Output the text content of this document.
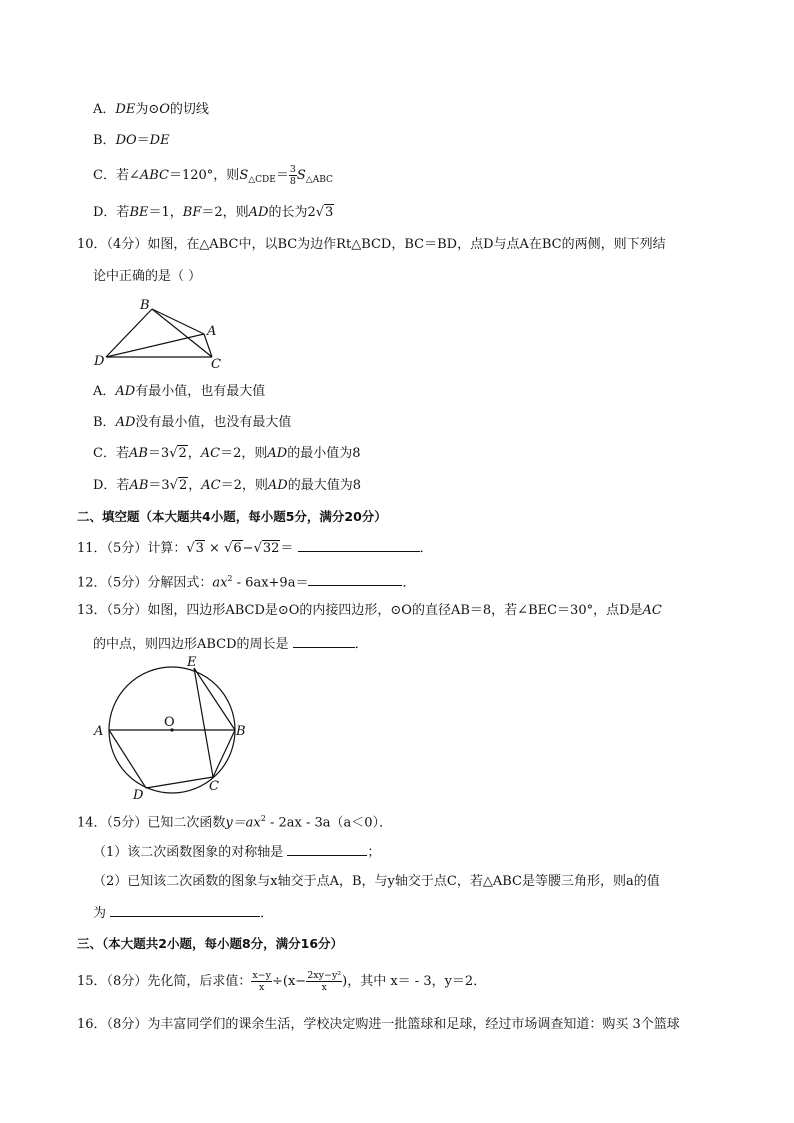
A．DE为⊙O的切线
B．DO＝DE
C．若∠ABC＝120°，则$S_{\triangle CDE}= \frac{3}{8} S_{\triangle ABC}$
D．若BE＝1，BF＝2，则AD的长为2√3
10．（4分）如图，在△ABC中，以BC为边作Rt△BCD，BC＝BD，点D与点A在BC的两侧，则下列结
论中正确的是（ ）
B
A
D	C
A．AD有最小值，也有最大值
B．AD没有最小值，也没有最大值
C．若AB＝3√2，AC＝2，则AD的最小值为8
D．若AB＝3√2，AC＝2，则AD的最大值为8
二、填空题（本大题共4小题，每小题5分，满分20分）
11．（5分）计算：√3 × √6−√32＝	．
12．（5分）分解因式：$ax^2 - 6ax+9a=$	．
13．（5分）如图，四边形ABCD是⊙O的内接四边形，⊙O的直径AB＝8，若∠BEC＝30°，点D是AC
的中点，则四边形ABCD的周长是	．
E
O
A	B
C
D
14．（5分）已知二次函数$y=ax^2 - 2ax - 3a(a<0)$．
（1）该二次函数图象的对称轴是	；
（2）已知该二次函数的图象与x轴交于点A，B，与y轴交于点C，若△ABC是等腰三角形，则a的值
为	．
三、（本大题共2小题，每小题8分，满分16分）
15．（8分）先化简，后求值： $\frac{x-y}{x} \div(x- \frac{\text{2xy−y²}}{x}$ )，其中 x＝ - 3，y＝2．
16．（8分）为丰富同学们的课余生活，学校决定购进一批篮球和足球，经过市场调查知道：购买 3个篮球
